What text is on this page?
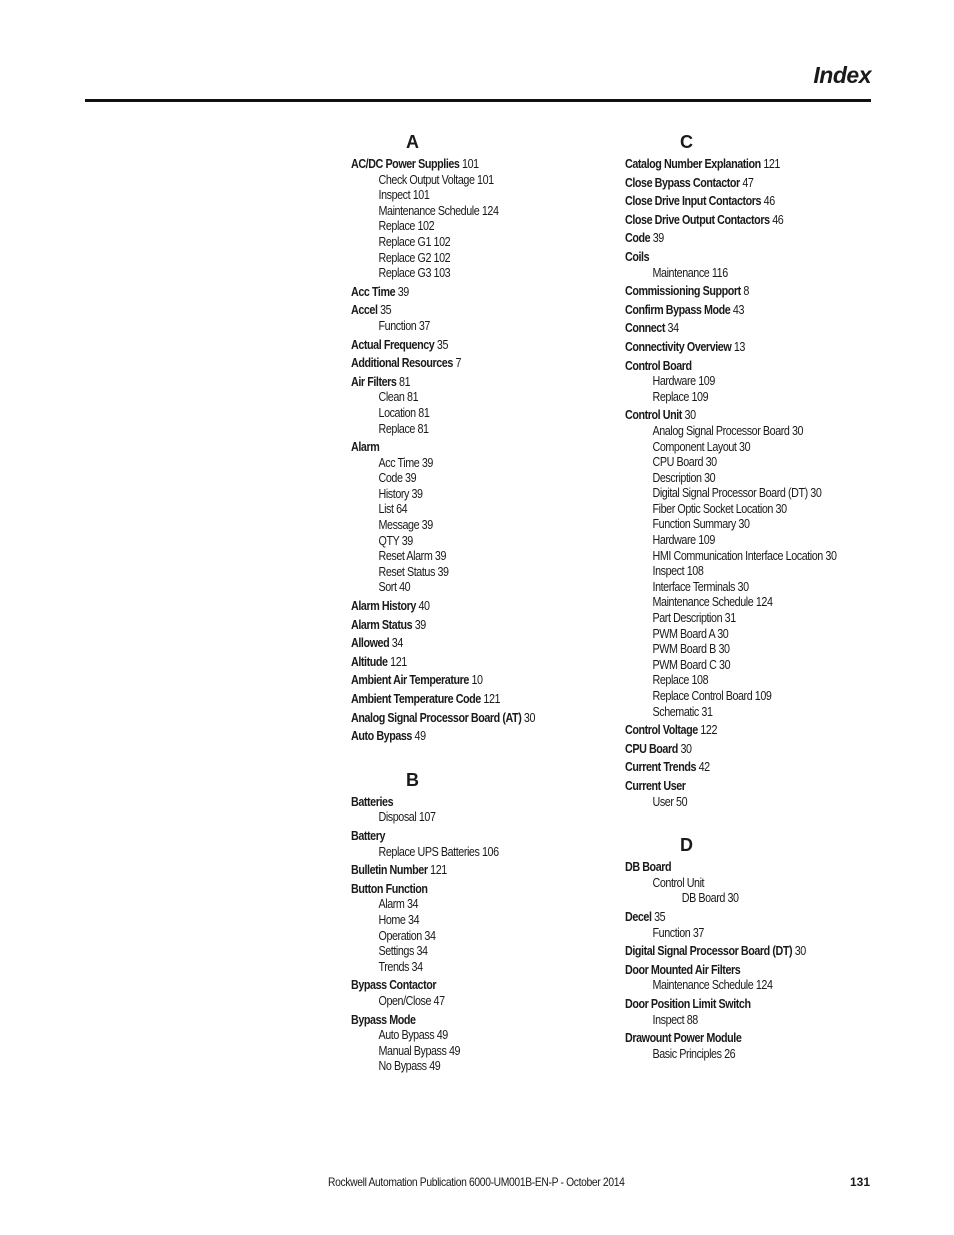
Index
A
AC/DC Power Supplies 101
Check Output Voltage 101
Inspect 101
Maintenance Schedule 124
Replace 102
Replace G1 102
Replace G2 102
Replace G3 103
Acc Time 39
Accel 35
Function 37
Actual Frequency 35
Additional Resources 7
Air Filters 81
Clean 81
Location 81
Replace 81
Alarm
Acc Time 39
Code 39
History 39
List 64
Message 39
QTY 39
Reset Alarm 39
Reset Status 39
Sort 40
Alarm History 40
Alarm Status 39
Allowed 34
Altitude 121
Ambient Air Temperature 10
Ambient Temperature Code 121
Analog Signal Processor Board (AT) 30
Auto Bypass 49
B
Batteries
Disposal 107
Battery
Replace UPS Batteries 106
Bulletin Number 121
Button Function
Alarm 34
Home 34
Operation 34
Settings 34
Trends 34
Bypass Contactor
Open/Close 47
Bypass Mode
Auto Bypass 49
Manual Bypass 49
No Bypass 49
C
Catalog Number Explanation 121
Close Bypass Contactor 47
Close Drive Input Contactors 46
Close Drive Output Contactors 46
Code 39
Coils
Maintenance 116
Commissioning Support 8
Confirm Bypass Mode 43
Connect 34
Connectivity Overview 13
Control Board
Hardware 109
Replace 109
Control Unit 30
Analog Signal Processor Board 30
Component Layout 30
CPU Board 30
Description 30
Digital Signal Processor Board (DT) 30
Fiber Optic Socket Location 30
Function Summary 30
Hardware 109
HMI Communication Interface Location 30
Inspect 108
Interface Terminals 30
Maintenance Schedule 124
Part Description 31
PWM Board A 30
PWM Board B 30
PWM Board C 30
Replace 108
Replace Control Board 109
Schematic 31
Control Voltage 122
CPU Board 30
Current Trends 42
Current User
User 50
D
DB Board
Control Unit
DB Board 30
Decel 35
Function 37
Digital Signal Processor Board (DT) 30
Door Mounted Air Filters
Maintenance Schedule 124
Door Position Limit Switch
Inspect 88
Drawount Power Module
Basic Principles 26
Rockwell Automation Publication 6000-UM001B-EN-P - October 2014	131
